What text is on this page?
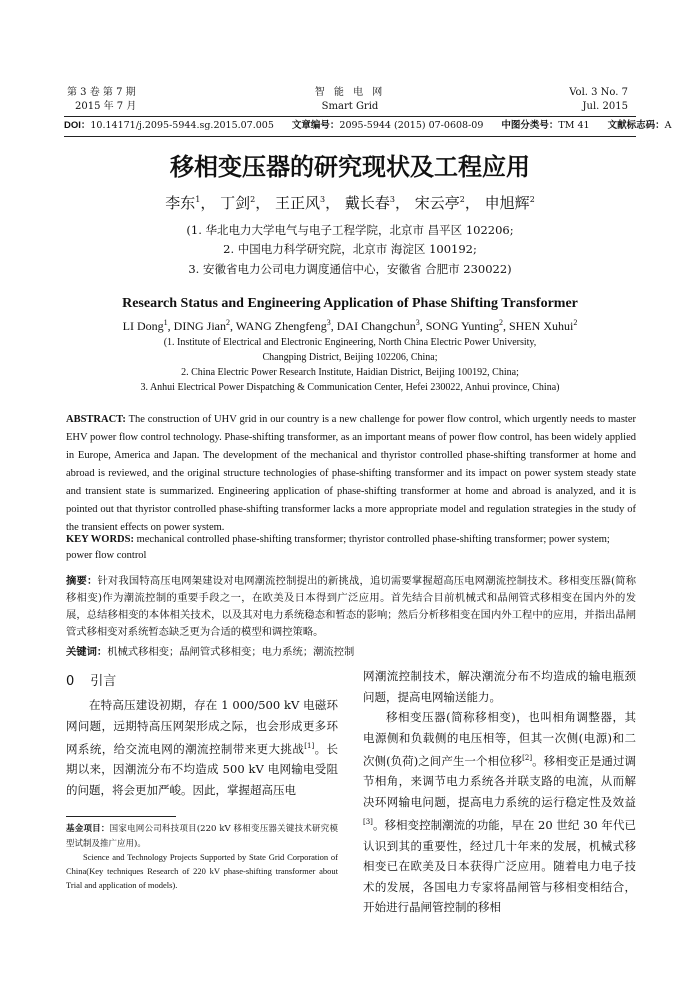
第 3 卷 第 7 期
2015 年 7 月
智 能 电 网
Smart Grid
Vol. 3 No. 7
Jul. 2015
DOI：10.14171/j.2095-5944.sg.2015.07.005 文章编号：2095-5944 (2015) 07-0608-09 中图分类号：TM 41 文献标志码：A
移相变压器的研究现状及工程应用
李东$^1$， 丁剑$^2$， 王正风$^3$， 戴长春$^3$， 宋云亭$^2$， 申旭辉$^2$
(1. 华北电力大学电气与电子工程学院，北京市 昌平区 102206;
2. 中国电力科学研究院，北京市 海淀区 100192;
3. 安徽省电力公司电力调度通信中心，安徽省 合肥市 230022)
Research Status and Engineering Application of Phase Shifting Transformer
LI Dong$^1$, DING Jian$^2$, WANG Zhengfeng$^3$, DAI Changchun$^3$, SONG Yunting$^2$, SHEN Xuhui$^2$
(1. Institute of Electrical and Electronic Engineering, North China Electric Power University,
Changping District, Beijing 102206, China;
2. China Electric Power Research Institute, Haidian District, Beijing 100192, China;
3. Anhui Electrical Power Dispatching & Communication Center, Hefei 230022, Anhui province, China)

ABSTRACT: The construction of UHV grid in our country is a new challenge for power flow control, which urgently needs to master EHV power flow control technology. Phase-shifting transformer, as an important means of power flow control, has been widely applied in Europe, America and Japan. The development of the mechanical and thyristor controlled phase-shifting transformer at home and abroad is reviewed, and the original structure technologies of phase-shifting transformer and its impact on power system steady state and transient state is summarized. Engineering application of phase-shifting transformer at home and abroad is analyzed, and it is pointed out that thyristor controlled phase-shifting transformer lacks a more appropriate model and regulation strategies in the study of the transient effects on power system.

KEY WORDS: mechanical controlled phase-shifting transformer; thyristor controlled phase-shifting transformer; power system; power flow control

摘要：针对我国特高压电网架建设对电网潮流控制提出的新挑战，追切需要掌握超高压电网潮流控制技术。移相变压器(简称移相变)作为潮流控制的重要手段之一，在欧美及日本得到广泛应用。首先结合目前机械式和晶闸管式移相变在国内外的发展，总结移相变的本体相关技术，以及其对电力系统稳态和暂态的影响；然后分析移相变在国内外工程中的应用，并指出晶闸管式移相变对系统暂态缺乏更为合适的模型和调控策略。

关键词：机械式移相变；晶闸管式移相变；电力系统；潮流控制

0 引言

在特高压建设初期，存在 1 000/500 kV 电磁环网问题，远期特高压网架形成之际，也会形成更多环网系统，给交流电网的潮流控制带来更大挑战[1]。长期以来，因潮流分布不均造成 500 kV 电网输电受阻的问题，将会更加严峻。因此，掌握超高压电

基金项目：国家电网公司科技项目(220 kV 移相变压器关键技术研究模型试制及推广应用)。

Science and Technology Projects Supported by State Grid Corporation of China(Key techniques Research of 220 kV phase-shifting transformer about Trial and application of models).

网潮流控制技术，解决潮流分布不均造成的输电瓶颈问题，提高电网输送能力。

移相变压器(简称移相变)，也叫相角调整器，其电源侧和负载侧的电压相等，但其一次侧(电源)和二次侧(负荷)之间产生一个相位移[2]。移相变正是通过调节相角，来调节电力系统各并联支路的电流，从而解决环网输电问题，提高电力系统的运行稳定性及效益[3]。移相变控制潮流的功能，早在 20 世纪 30 年代已认识到其的重要性，经过几十年来的发展，机械式移相变已在欧美及日本获得广泛应用。随着电力电子技术的发展，各国电力专家将晶闸管与移相变相结合，开始进行晶闸管控制的移相
